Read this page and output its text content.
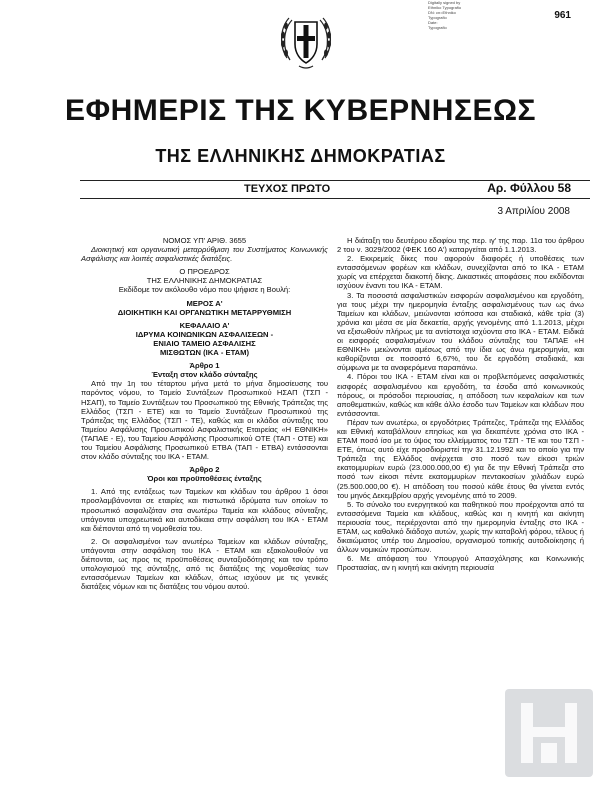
961
Digitally signed by
Ethniko Typografio
DN: cn=Ethniko
Typografio
Date:
Typografio
ΕΦΗΜΕΡΙΣ ΤΗΣ ΚΥΒΕΡΝΗΣΕΩΣ
ΤΗΣ ΕΛΛΗΝΙΚΗΣ ΔΗΜΟΚΡΑΤΙΑΣ
ΤΕΥΧΟΣ ΠΡΩΤΟ	Αρ. Φύλλου 58
3 Απριλίου 2008

ΝΟΜΟΣ ΥΠ' ΑΡΙΘ. 3655

Διοικητική και οργανωτική μεταρρύθμιση του Συστήματος Κοινωνικής Ασφάλισης και λοιπές ασφαλιστικές διατάξεις.

Ο ΠΡΟΕΔΡΟΣ

ΤΗΣ ΕΛΛΗΝΙΚΗΣ ΔΗΜΟΚΡΑΤΙΑΣ

Εκδίδομε τον ακόλουθο νόμο που ψήφισε η Βουλή:

ΜΕΡΟΣ Α'

ΔΙΟΙΚΗΤΙΚΗ ΚΑΙ ΟΡΓΑΝΩΤΙΚΗ ΜΕΤΑΡΡΥΘΜΙΣΗ

ΚΕΦΑΛΑΙΟ Α'

ΙΔΡΥΜΑ ΚΟΙΝΩΝΙΚΩΝ ΑΣΦΑΛΙΣΕΩΝ -

ΕΝΙΑΙΟ ΤΑΜΕΙΟ ΑΣΦΑΛΙΣΗΣ

ΜΙΣΘΩΤΩΝ (ΙΚΑ - ΕΤΑΜ)

Άρθρο 1

Ένταξη στον κλάδο σύνταξης

Από την 1η του τέταρτου μήνα μετά το μήνα δημοσίευσης του παρόντος νόμου, το Ταμείο Συντάξεων Προσωπικού ΗΣΑΠ (ΤΣΠ - ΗΣΑΠ), το Ταμείο Συντάξεων του Προσωπικού της Εθνικής Τράπεζας της Ελλάδος (ΤΣΠ - ΕΤΕ) και το Ταμείο Συντάξεων Προσωπικού της Τράπεζας της Ελλάδος (ΤΣΠ - ΤΕ), καθώς και οι κλάδοι σύνταξης του Ταμείου Ασφάλισης Προσωπικού Ασφαλιστικής Εταιρείας «Η ΕΘΝΙΚΗ» (ΤΑΠΑΕ - Ε), του Ταμείου Ασφάλισης Προσωπικού ΟΤΕ (ΤΑΠ - ΟΤΕ) και του Ταμείου Ασφάλισης Προσωπικού ΕΤΒΑ (ΤΑΠ - ΕΤΒΑ) εντάσσονται στον κλάδο σύνταξης του ΙΚΑ - ΕΤΑΜ.

Άρθρο 2

Όροι και προϋποθέσεις ένταξης

1. Από της εντάξεως των Ταμείων και κλάδων του άρθρου 1 όσοι προσλαμβάνονται σε εταιρίες και πιστωτικά ιδρύματα των οποίων το προσωπικό ασφαλιζόταν στα ανωτέρω Ταμεία και κλάδους σύνταξης, υπάγονται υποχρεωτικά και αυτοδίκαια στην ασφάλιση του ΙΚΑ - ΕΤΑΜ και διέπονται από τη νομοθεσία του.

2. Οι ασφαλισμένοι των ανωτέρω Ταμείων και κλάδων σύνταξης, υπάγονται στην ασφάλιση του ΙΚΑ - ΕΤΑΜ και εξακολουθούν να διέπονται, ως προς τις προϋποθέσεις συνταξιοδότησης και τον τρόπο υπολογισμού της σύνταξης, από τις διατάξεις της νομοθεσίας των εντασσόμενων Ταμείων και κλάδων, όπως ισχύουν με τις γενικές διατάξεις νόμων και τις διατάξεις του νόμου αυτού.

Η διάταξη του δευτέρου εδαφίου της περ. ιγ' της παρ. 11α του άρθρου 2 του ν. 3029/2002 (ΦΕΚ 160 Α') καταργείται από 1.1.2013.

2. Εκκρεμείς δίκες που αφορούν διαφορές ή υποθέσεις των εντασσόμενων φορέων και κλάδων, συνεχίζονται από το ΙΚΑ - ΕΤΑΜ χωρίς να επέρχεται διακοπή δίκης. Δικαστικές αποφάσεις που εκδίδονται ισχύουν έναντι του ΙΚΑ - ΕΤΑΜ.

3. Τα ποσοστά ασφαλιστικών εισφορών ασφαλισμένου και εργοδότη, για τους μέχρι την ημερομηνία ένταξης ασφαλισμένους των ως άνω Ταμείων και κλάδων, μειώνονται ισόποσα και σταδιακά, κάθε τρία (3) χρόνια και μέσα σε μία δεκαετία, αρχής γενομένης από 1.1.2013, μέχρι να εξισωθούν πλήρως με τα αντίστοιχα ισχύοντα στο ΙΚΑ - ΕΤΑΜ. Ειδικά οι εισφορές ασφαλισμένων του κλάδου σύνταξης του ΤΑΠΑΕ «Η ΕΘΝΙΚΗ» μειώνονται αμέσως από την ίδια ως άνω ημερομηνία, και καθορίζονται σε ποσοστό 6,67%, του δε εργοδότη σταδιακά, και σύμφωνα με τα αναφερόμενα παραπάνω.

4. Πόροι του ΙΚΑ - ΕΤΑΜ είναι και οι προβλεπόμενες ασφαλιστικές εισφορές ασφαλισμένου και εργοδότη, τα έσοδα από κοινωνικούς πόρους, οι πρόσοδοι περιουσίας, η απόδοση των κεφαλαίων και των αποθεματικών, καθώς και κάθε άλλο έσοδο των Ταμείων και κλάδων που εντάσσονται.

Πέραν των ανωτέρω, οι εργοδότριες Τράπεζες, Τράπεζα της Ελλάδος και Εθνική καταβάλλουν επησίως και για δεκαπέντε χρόνια στο ΙΚΑ - ΕΤΑΜ ποσό ίσο με το ύψος του ελλείμματος του ΤΣΠ - ΤΕ και του ΤΣΠ - ΕΤΕ, όπως αυτό είχε προσδιοριστεί την 31.12.1992 και το οποίο για την Τράπεζα της Ελλάδος ανέρχεται στο ποσό των είκοσι τριών εκατομμυρίων ευρώ (23.000.000,00 €) για δε την Εθνική Τράπεζα στο ποσό των είκοσι πέντε εκατομμυρίων πεντακοσίων χιλιάδων ευρώ (25.500.000,00 €). Η απόδοση του ποσού κάθε έτους θα γίνεται εντός του μηνός Δεκεμβρίου αρχής γενομένης από το 2009.

5. Το σύνολο του ενεργητικού και παθητικού που προέρχονται από τα εντασσόμενα Ταμεία και κλάδους, καθώς και η κινητή και ακίνητη περιουσία τους, περιέρχονται από την ημερομηνία ένταξης στο ΙΚΑ - ΕΤΑΜ, ως καθολικό διάδοχο αυτών, χωρίς την καταβολή φόρου, τέλους ή δικαιώματος υπέρ του Δημοσίου, οργανισμού τοπικής αυτοδιοίκησης ή άλλων νομικών προσώπων.

6. Με απόφαση του Υπουργού Απασχόλησης και Κοινωνικής Προστασίας, αν η κινητή και ακίνητη περιουσία
